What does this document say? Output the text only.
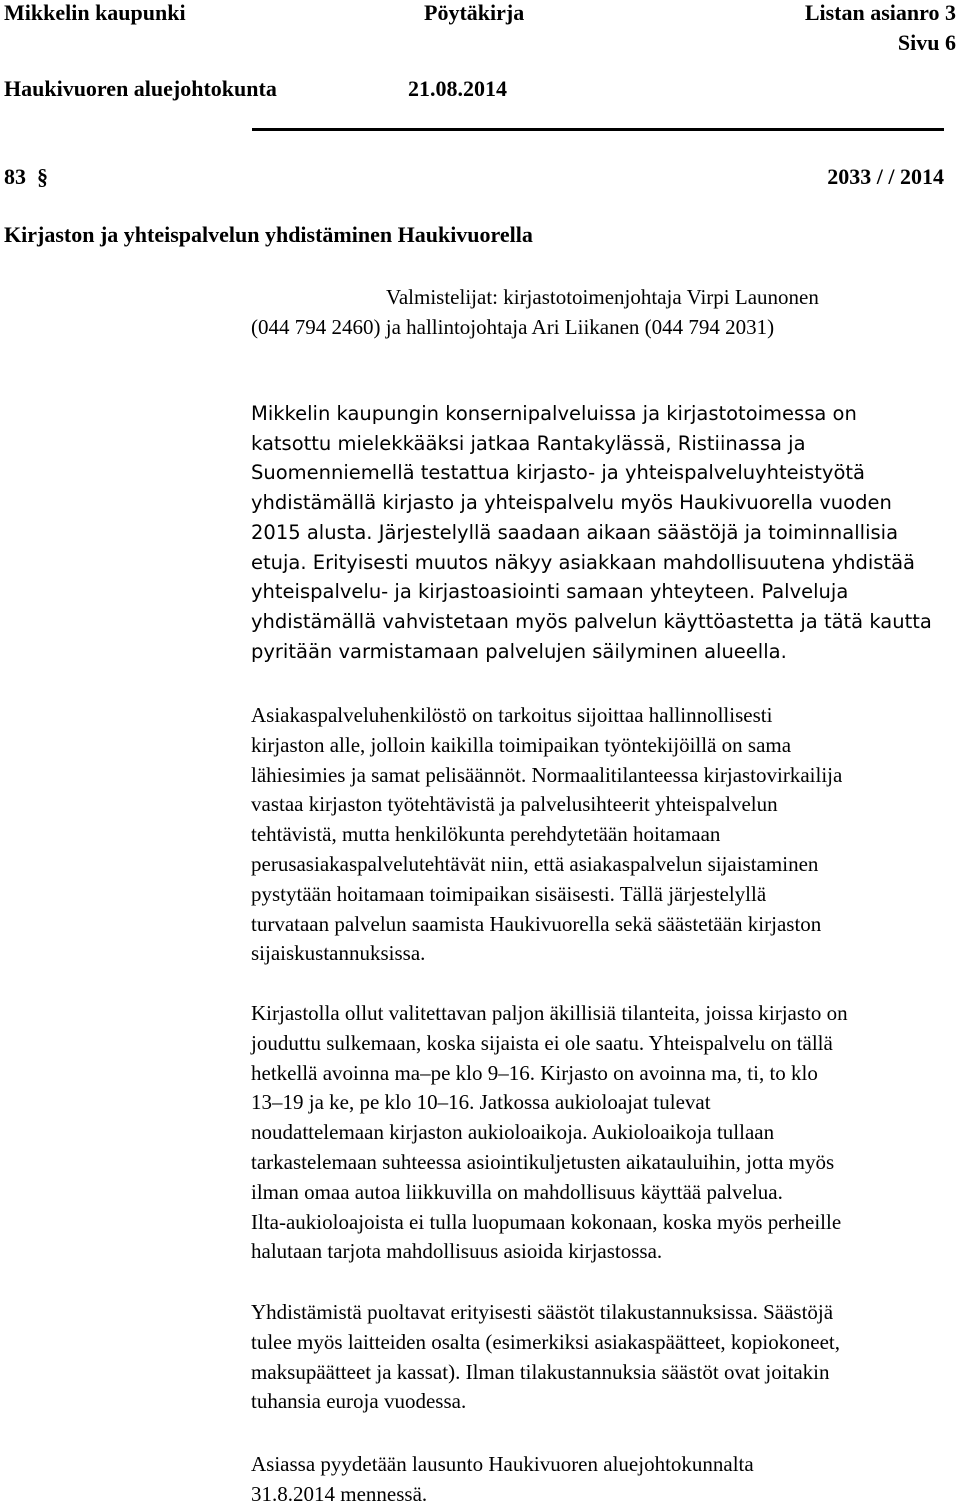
Mikkelin kaupunki	Pöytäkirja	Listan asianro 3
Sivu 6
Haukivuoren aluejohtokunta	21.08.2014
83 §	2033 / / 2014
Kirjaston ja yhteispalvelun yhdistäminen Haukivuorella
Valmistelijat: kirjastotoimenjohtaja Virpi Launonen
(044 794 2460) ja hallintojohtaja Ari Liikanen (044 794 2031)
Mikkelin kaupungin konsernipalveluissa ja kirjastotoimessa on
katsottu mielekkääksi jatkaa Rantakylässä, Ristiinassa ja
Suomenniemellä testattua kirjasto- ja yhteispalveluyhteistyötä
yhdistämällä kirjasto ja yhteispalvelu myös Haukivuorella vuoden
2015 alusta. Järjestelyllä saadaan aikaan säästöjä ja toiminnallisia
etuja. Erityisesti muutos näkyy asiakkaan mahdollisuutena yhdistää
yhteispalvelu- ja kirjastoasiointi samaan yhteyteen. Palveluja
yhdistämällä vahvistetaan myös palvelun käyttöastetta ja tätä kautta
pyritään varmistamaan palvelujen säilyminen alueella.
Asiakaspalveluhenkilöstö on tarkoitus sijoittaa hallinnollisesti
kirjaston alle, jolloin kaikilla toimipaikan työntekijöillä on sama
lähiesimies ja samat pelisäännöt. Normaalitilanteessa kirjastovirkailija
vastaa kirjaston työtehtävistä ja palvelusihteerit yhteispalvelun
tehtävistä, mutta henkilökunta perehdytetään hoitamaan
perusasiakaspalvelutehtävät niin, että asiakaspalvelun sijaistaminen
pystytään hoitamaan toimipaikan sisäisesti. Tällä järjestelyllä
turvataan palvelun saamista Haukivuorella sekä säästetään kirjaston
sijaiskustannuksissa.
Kirjastolla ollut valitettavan paljon äkillisiä tilanteita, joissa kirjasto on
jouduttu sulkemaan, koska sijaista ei ole saatu. Yhteispalvelu on tällä
hetkellä avoinna ma–pe klo 9–16. Kirjasto on avoinna ma, ti, to klo
13–19 ja ke, pe klo 10–16. Jatkossa aukioloajat tulevat
noudattelemaan kirjaston aukioloaikoja. Aukioloaikoja tullaan
tarkastelemaan suhteessa asiointikuljetusten aikatauluihin, jotta myös
ilman omaa autoa liikkuvilla on mahdollisuus käyttää palvelua.
Ilta-aukioloajoista ei tulla luopumaan kokonaan, koska myös perheille
halutaan tarjota mahdollisuus asioida kirjastossa.
Yhdistämistä puoltavat erityisesti säästöt tilakustannuksissa. Säästöjä
tulee myös laitteiden osalta (esimerkiksi asiakaspäätteet, kopiokoneet,
maksupäätteet ja kassat). Ilman tilakustannuksia säästöt ovat joitakin
tuhansia euroja vuodessa.
Asiassa pyydetään lausunto Haukivuoren aluejohtokunnalta
31.8.2014 mennessä.
